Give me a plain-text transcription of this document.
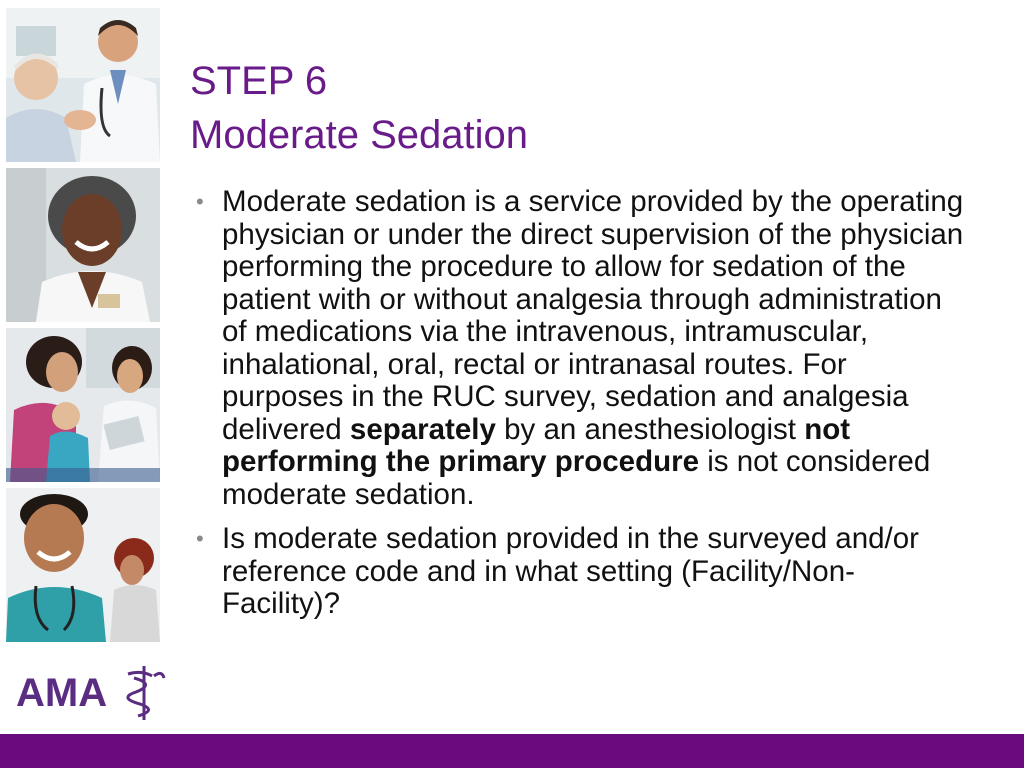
AMA
STEP 6
Moderate Sedation
• Moderate sedation is a service provided by the operating physician or under the direct supervision of the physician performing the procedure to allow for sedation of the patient with or without analgesia through administration of medications via the intravenous, intramuscular, inhalational, oral, rectal or intranasal routes. For purposes in the RUC survey, sedation and analgesia delivered separately by an anesthesiologist not performing the primary procedure is not considered moderate sedation.
• Is moderate sedation provided in the surveyed and/or reference code and in what setting (Facility/Non-Facility)?
